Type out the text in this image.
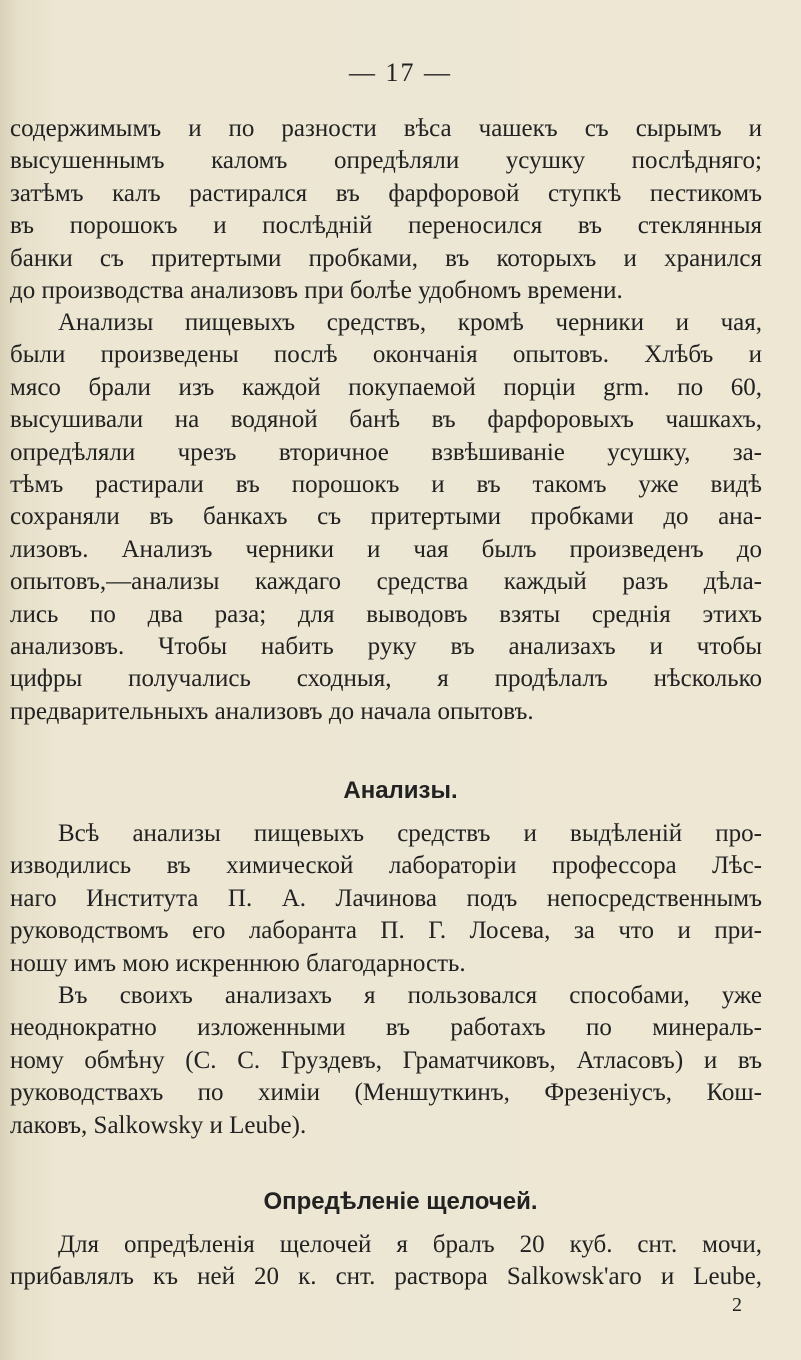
— 17 —
содержимымъ и по разности вѣса чашекъ съ сырымъ и
высушеннымъ каломъ опредѣляли усушку послѣдняго;
затѣмъ калъ растирался въ фарфоровой ступкѣ пестикомъ
въ порошокъ и послѣдній переносился въ стеклянныя
банки съ притертыми пробками, въ которыхъ и хранился
до производства анализовъ при болѣе удобномъ времени.
Анализы пищевыхъ средствъ, кромѣ черники и чая,
были произведены послѣ окончанія опытовъ. Хлѣбъ и
мясо брали изъ каждой покупаемой порціи grm. по 60,
высушивали на водяной банѣ въ фарфоровыхъ чашкахъ,
опредѣляли чрезъ вторичное взвѣшиваніе усушку, за-
тѣмъ растирали въ порошокъ и въ такомъ уже видѣ
сохраняли въ банкахъ съ притертыми пробками до ана-
лизовъ. Анализъ черники и чая былъ произведенъ до
опытовъ,—анализы каждаго средства каждый разъ дѣла-
лись по два раза; для выводовъ взяты среднія этихъ
анализовъ. Чтобы набить руку въ анализахъ и чтобы
цифры получались сходныя, я продѣлалъ нѣсколько
предварительныхъ анализовъ до начала опытовъ.
Анализы.
Всѣ анализы пищевыхъ средствъ и выдѣленій про-
изводились въ химической лабораторіи профессора Лѣс-
наго Института П. А. Лачинова подъ непосредственнымъ
руководствомъ его лаборанта П. Г. Лосева, за что и при-
ношу имъ мою искреннюю благодарность.
Въ своихъ анализахъ я пользовался способами, уже
неоднократно изложенными въ работахъ по минераль-
ному обмѣну (С. С. Груздевъ, Граматчиковъ, Атласовъ) и въ
руководствахъ по химіи (Меншуткинъ, Фрезеніусъ, Кош-
лаковъ, Salkowsky и Leube).
Опредѣленіе щелочей.
Для опредѣленія щелочей я бралъ 20 куб. снт. мочи,
прибавлялъ къ ней 20 к. снт. раствора Salkowsk'аго и Leube,
2
